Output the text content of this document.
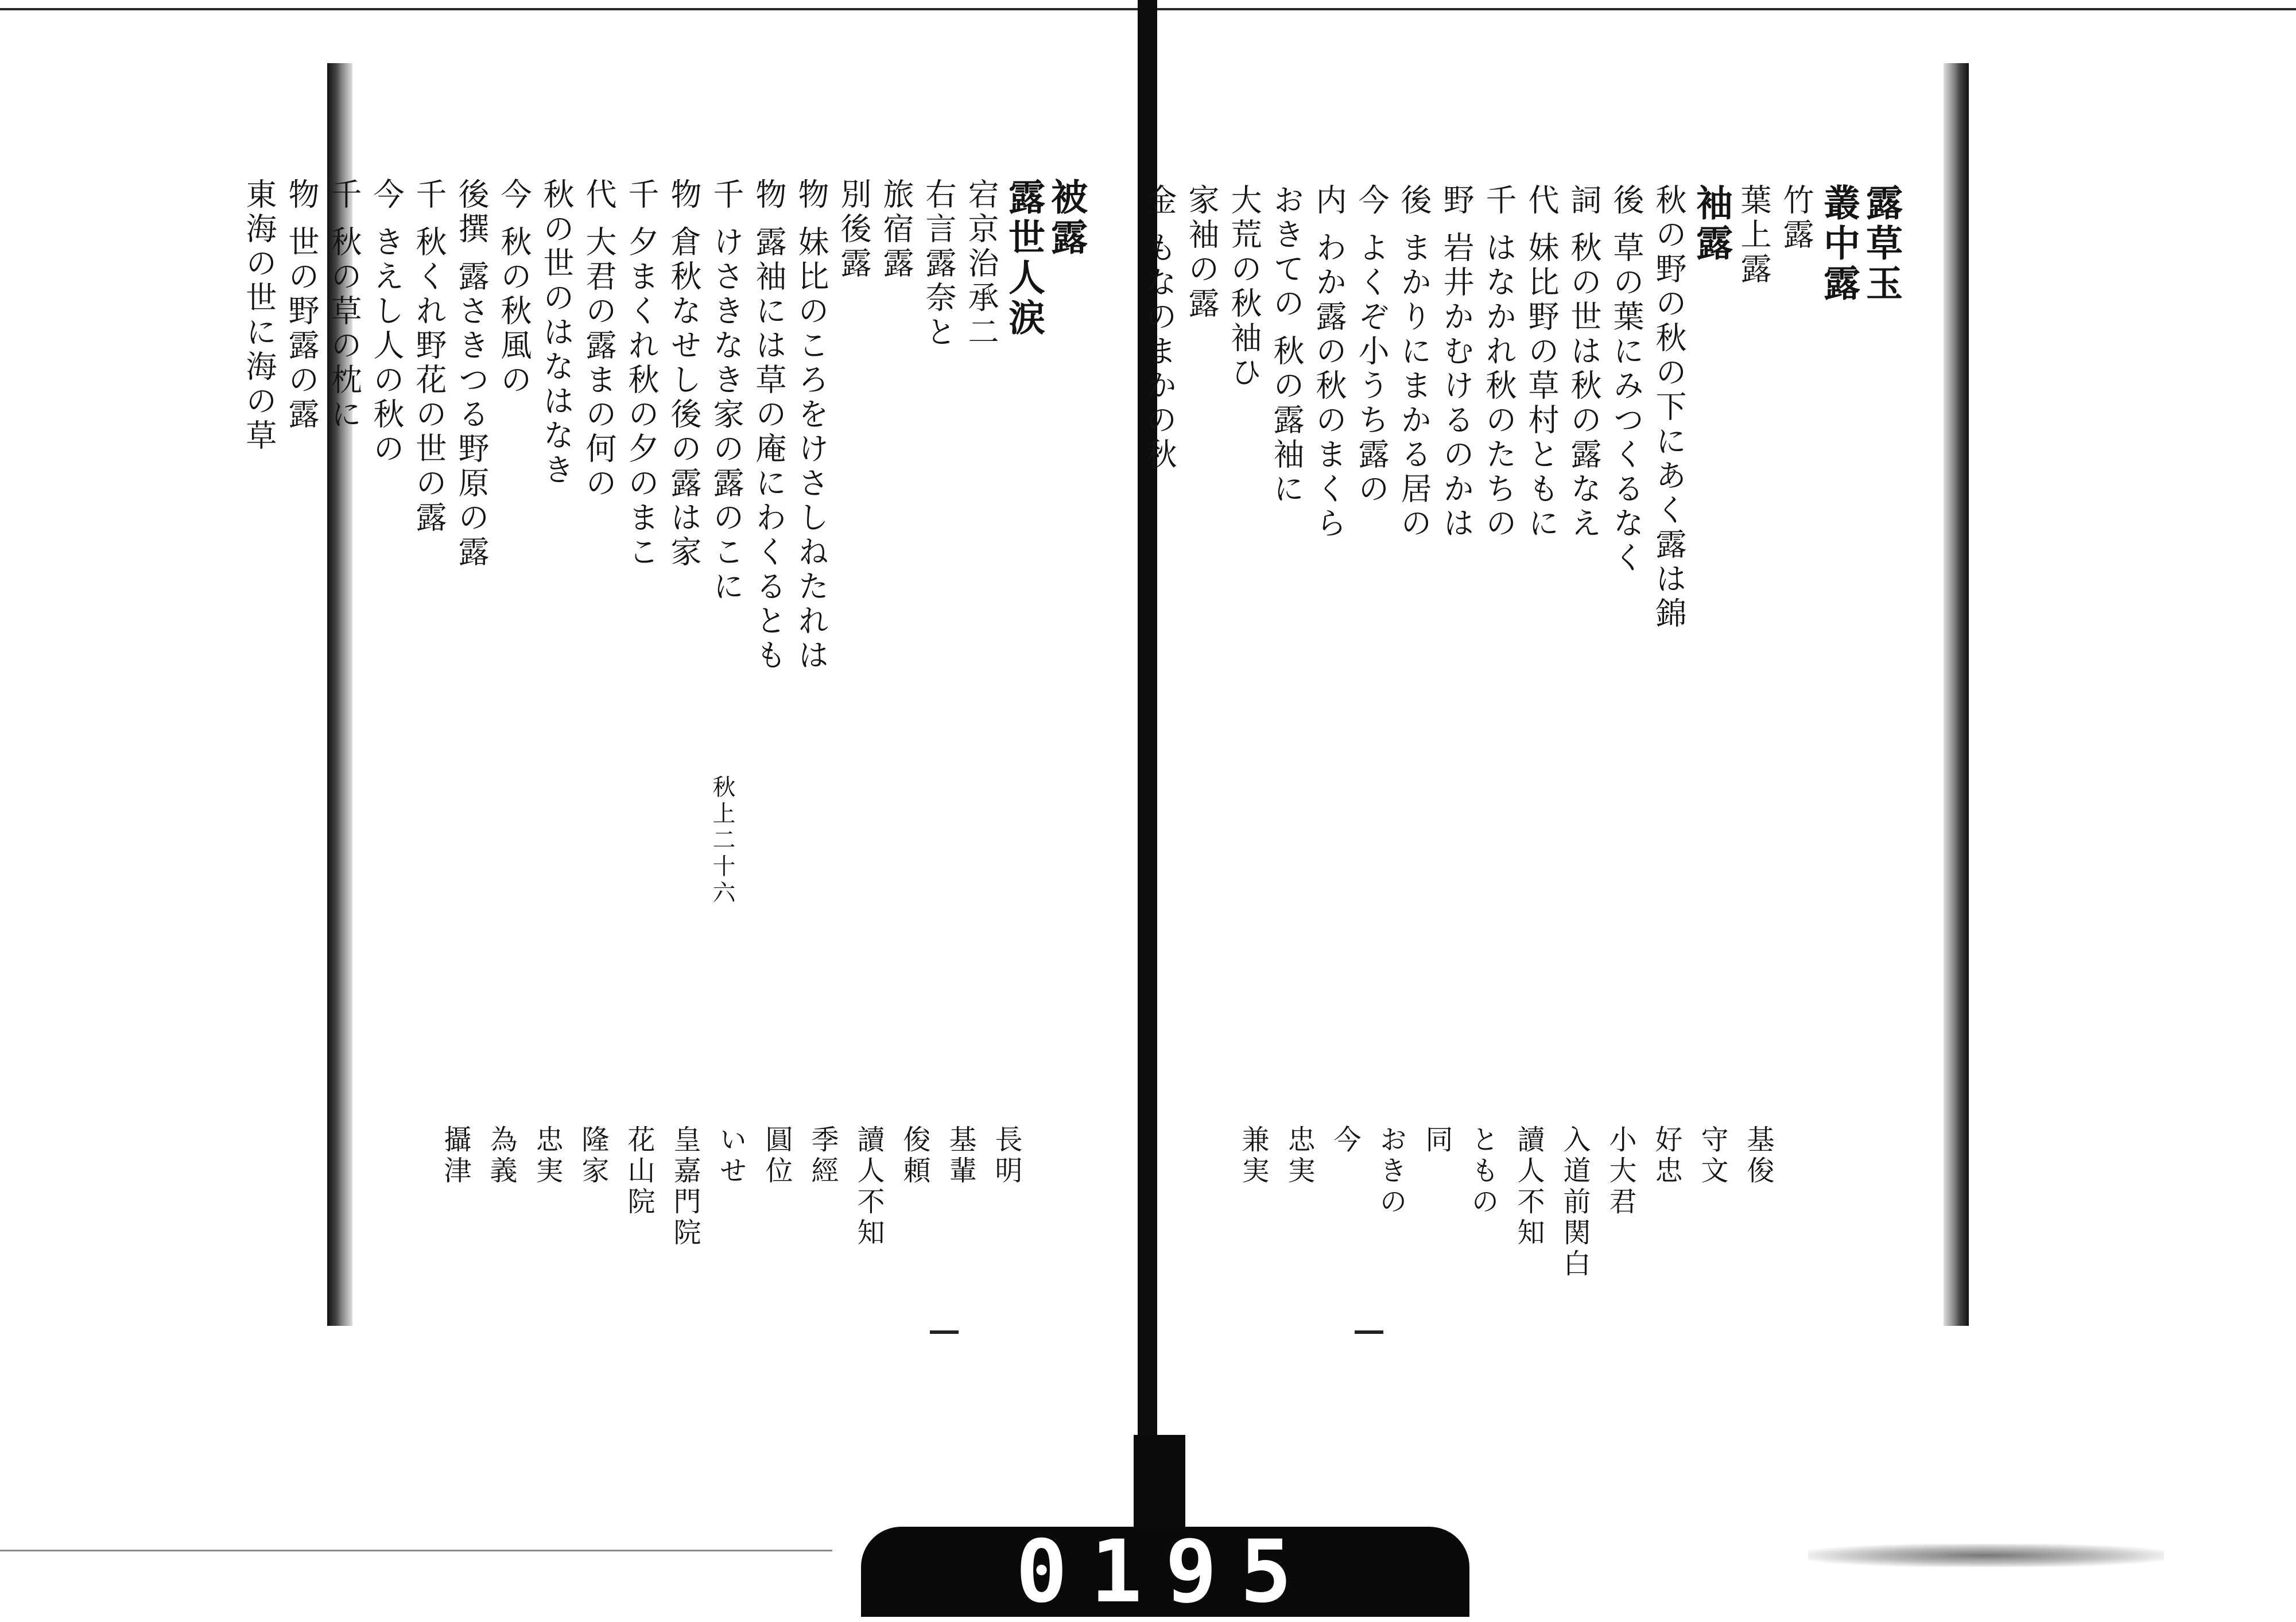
被露
露世人涙
宕京治承二
右言露奈と
旅宿露
別後露
物 妹比のころをけさしねたれは
物 露袖には草の庵にわくるとも
千 けさきなき家の露のこに
物 倉秋なせし後の露は家
千 夕まくれ秋の夕のまこ
代 大君の露まの何の
秋の世のはなはなき
今 秋の秋風の
後撰 露さきつる野原の露
千 秋くれ野花の世の露
今 きえし人の秋の
千 秋の草の枕に
物 世の野露の露
東海の世に海の草
秋上二十六
露草玉
叢中露
竹露
葉上露
袖露
秋の野の秋の下にあく露は錦
後 草の葉にみつくるなく
詞 秋の世は秋の露なえ
代 妹比野の草村ともに
千 はなかれ秋のたちの
野 岩井かむけるのかは
後 まかりにまかる居の
今 よくぞ小うち露の
内 わか露の秋のまくら
おきての 秋の露袖に
大荒の秋袖ひ
家袖の露
金 もなのまかの秋
長明
基輩
俊頼
讀人不知
季經
圓位
いせ
皇嘉門院
花山院
隆家
忠実
為義
攝津	基俊
守文
好忠
小大君
入道前関白
讀人不知
ともの
同
おきの
今
忠実
兼実
0195
